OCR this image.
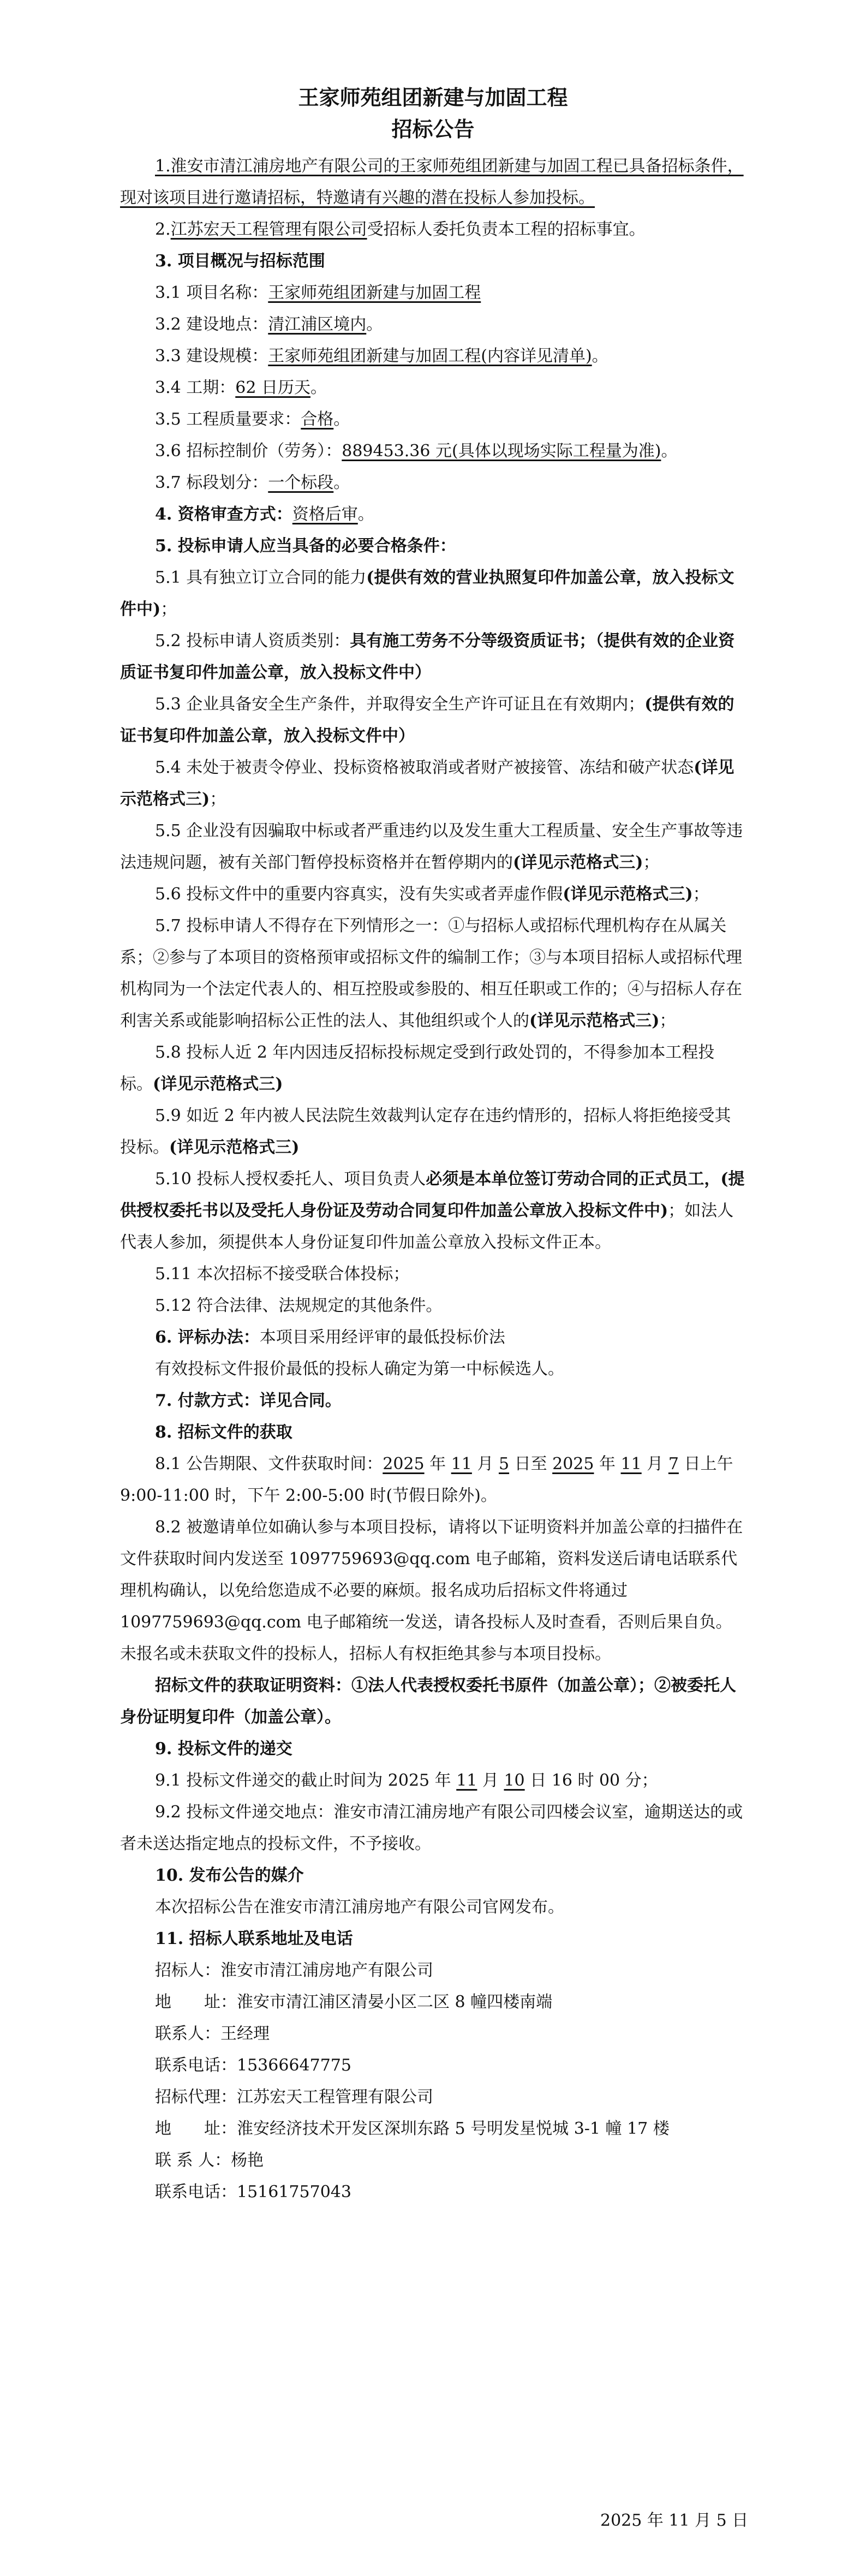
王家师苑组团新建与加固工程
招标公告

1.淮安市清江浦房地产有限公司的王家师苑组团新建与加固工程已具备招标条件，现对该项目进行邀请招标，特邀请有兴趣的潜在投标人参加投标。

2.江苏宏天工程管理有限公司受招标人委托负责本工程的招标事宜。

3. 项目概况与招标范围

3.1 项目名称：王家师苑组团新建与加固工程

3.2 建设地点：清江浦区境内。

3.3 建设规模：王家师苑组团新建与加固工程(内容详见清单)。

3.4 工期：62 日历天。

3.5 工程质量要求：合格。

3.6 招标控制价（劳务）：889453.36 元(具体以现场实际工程量为准)。

3.7 标段划分：一个标段。

4. 资格审查方式：资格后审。

5. 投标申请人应当具备的必要合格条件：

5.1 具有独立订立合同的能力(提供有效的营业执照复印件加盖公章，放入投标文件中)；

5.2 投标申请人资质类别：具有施工劳务不分等级资质证书；（提供有效的企业资质证书复印件加盖公章，放入投标文件中）

5.3 企业具备安全生产条件，并取得安全生产许可证且在有效期内；(提供有效的证书复印件加盖公章，放入投标文件中）

5.4 未处于被责令停业、投标资格被取消或者财产被接管、冻结和破产状态(详见示范格式三)；

5.5 企业没有因骗取中标或者严重违约以及发生重大工程质量、安全生产事故等违法违规问题，被有关部门暂停投标资格并在暂停期内的(详见示范格式三)；

5.6 投标文件中的重要内容真实，没有失实或者弄虚作假(详见示范格式三)；

5.7 投标申请人不得存在下列情形之一：①与招标人或招标代理机构存在从属关系；②参与了本项目的资格预审或招标文件的编制工作；③与本项目招标人或招标代理机构同为一个法定代表人的、相互控股或参股的、相互任职或工作的；④与招标人存在利害关系或能影响招标公正性的法人、其他组织或个人的(详见示范格式三)；

5.8 投标人近 2 年内因违反招标投标规定受到行政处罚的，不得参加本工程投标。(详见示范格式三)

5.9 如近 2 年内被人民法院生效裁判认定存在违约情形的，招标人将拒绝接受其投标。(详见示范格式三)

5.10 投标人授权委托人、项目负责人必须是本单位签订劳动合同的正式员工，(提供授权委托书以及受托人身份证及劳动合同复印件加盖公章放入投标文件中)；如法人代表人参加，须提供本人身份证复印件加盖公章放入投标文件正本。

5.11 本次招标不接受联合体投标；

5.12 符合法律、法规规定的其他条件。

6. 评标办法：本项目采用经评审的最低投标价法

有效投标文件报价最低的投标人确定为第一中标候选人。

7. 付款方式：详见合同。

8. 招标文件的获取

8.1 公告期限、文件获取时间：2025 年 11 月 5 日至 2025 年 11 月 7 日上午 9:00-11:00 时，下午 2:00-5:00 时(节假日除外)。

8.2 被邀请单位如确认参与本项目投标，请将以下证明资料并加盖公章的扫描件在文件获取时间内发送至 1097759693@qq.com 电子邮箱，资料发送后请电话联系代理机构确认，以免给您造成不必要的麻烦。报名成功后招标文件将通过 1097759693@qq.com 电子邮箱统一发送，请各投标人及时查看，否则后果自负。未报名或未获取文件的投标人，招标人有权拒绝其参与本项目投标。

招标文件的获取证明资料：①法人代表授权委托书原件（加盖公章）；②被委托人身份证明复印件（加盖公章）。

9. 投标文件的递交

9.1 投标文件递交的截止时间为 2025 年 11 月 10 日 16 时 00 分；

9.2 投标文件递交地点：淮安市清江浦房地产有限公司四楼会议室，逾期送达的或者未送达指定地点的投标文件，不予接收。

10. 发布公告的媒介

本次招标公告在淮安市清江浦房地产有限公司官网发布。

11. 招标人联系地址及电话

招标人：淮安市清江浦房地产有限公司

地　　址：淮安市清江浦区清晏小区二区 8 幢四楼南端

联系人：王经理

联系电话：15366647775

招标代理：江苏宏天工程管理有限公司

地　　址：淮安经济技术开发区深圳东路 5 号明发星悦城 3-1 幢 17 楼

联 系 人：杨艳

联系电话：15161757043

2025 年 11 月 5 日
